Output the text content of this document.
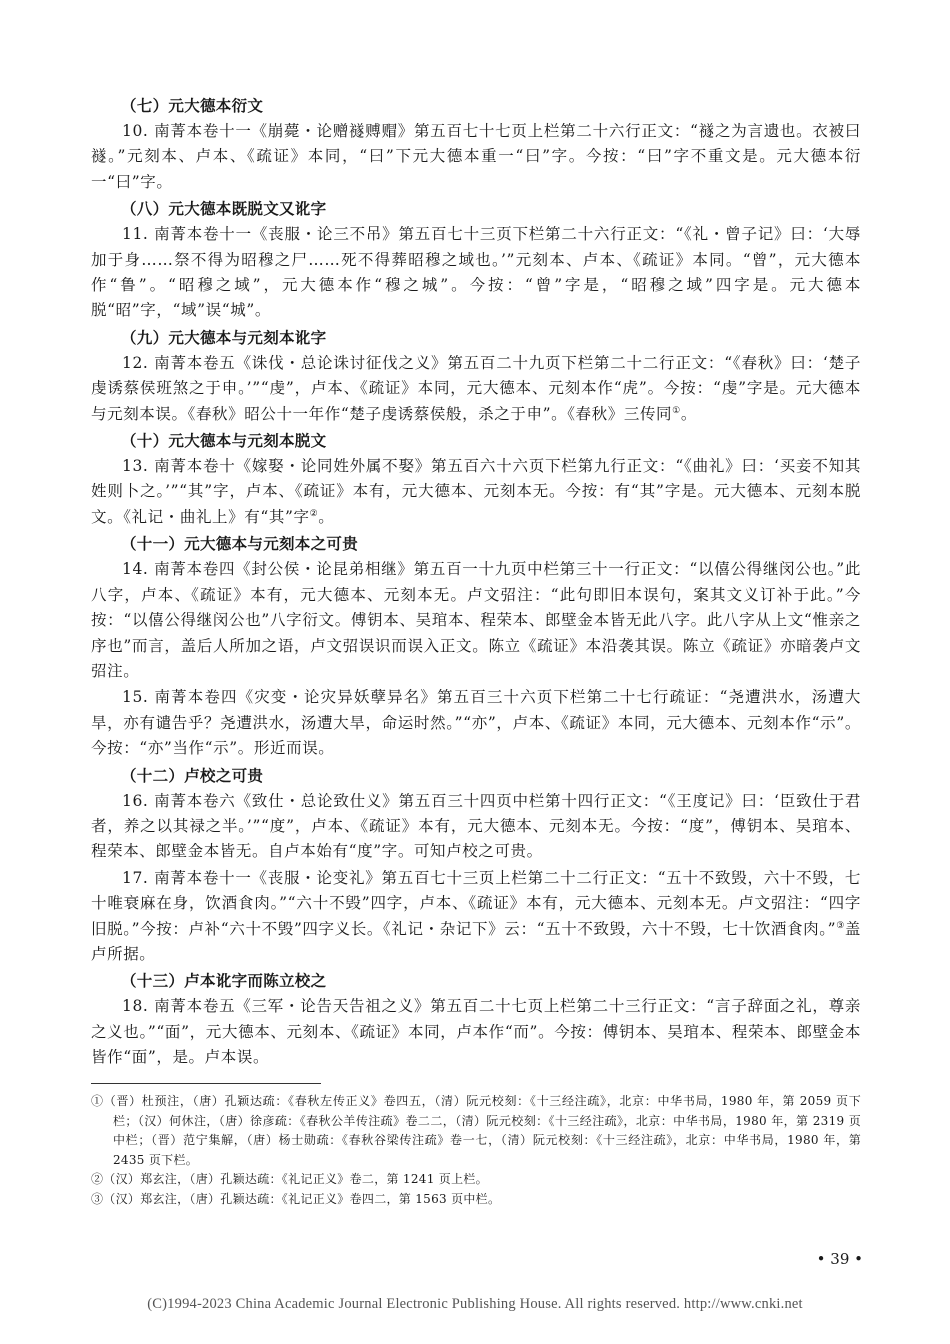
（七）元大德本衍文

10. 南菁本卷十一《崩薨・论赠襚赙赗》第五百七十七页上栏第二十六行正文：“襚之为言遗也。衣被曰襚。”元刻本、卢本、《疏证》本同，“曰”下元大德本重一“曰”字。今按：“曰”字不重文是。元大德本衍一“曰”字。

（八）元大德本既脱文又讹字

11. 南菁本卷十一《丧服・论三不吊》第五百七十三页下栏第二十六行正文：“《礼・曾子记》曰：‘大辱加于身……祭不得为昭穆之尸……死不得葬昭穆之域也。’”元刻本、卢本、《疏证》本同。“曾”，元大德本作“鲁”。“昭穆之域”，元大德本作“穆之城”。今按：“曾”字是，“昭穆之域”四字是。元大德本脱“昭”字，“域”误“城”。

（九）元大德本与元刻本讹字

12. 南菁本卷五《诛伐・总论诛讨征伐之义》第五百二十九页下栏第二十二行正文：“《春秋》曰：‘楚子虔诱蔡侯班煞之于申。’”“虔”，卢本、《疏证》本同，元大德本、元刻本作“虎”。今按：“虔”字是。元大德本与元刻本误。《春秋》昭公十一年作“楚子虔诱蔡侯般，杀之于申”。《春秋》三传同①。

（十）元大德本与元刻本脱文

13. 南菁本卷十《嫁娶・论同姓外属不娶》第五百六十六页下栏第九行正文：“《曲礼》曰：‘买妾不知其姓则卜之。’”“其”字，卢本、《疏证》本有，元大德本、元刻本无。今按：有“其”字是。元大德本、元刻本脱文。《礼记・曲礼上》有“其”字②。

（十一）元大德本与元刻本之可贵

14. 南菁本卷四《封公侯・论昆弟相继》第五百一十九页中栏第三十一行正文：“以僖公得继闵公也。”此八字，卢本、《疏证》本有，元大德本、元刻本无。卢文弨注：“此句即旧本误句，案其文义订补于此。”今按：“以僖公得继闵公也”八字衍文。傅钥本、吴琯本、程荣本、郎壁金本皆无此八字。此八字从上文“惟亲之序也”而言，盖后人所加之语，卢文弨误识而误入正文。陈立《疏证》本沿袭其误。陈立《疏证》亦暗袭卢文弨注。

15. 南菁本卷四《灾变・论灾异妖孽异名》第五百三十六页下栏第二十七行疏证：“尧遭洪水，汤遭大旱，亦有谴告乎？尧遭洪水，汤遭大旱，命运时然。”“亦”，卢本、《疏证》本同，元大德本、元刻本作“示”。今按：“亦”当作“示”。形近而误。

（十二）卢校之可贵

16. 南菁本卷六《致仕・总论致仕义》第五百三十四页中栏第十四行正文：“《王度记》曰：‘臣致仕于君者，养之以其禄之半。’”“度”，卢本、《疏证》本有，元大德本、元刻本无。今按：“度”，傅钥本、吴琯本、程荣本、郎壁金本皆无。自卢本始有“度”字。可知卢校之可贵。

17. 南菁本卷十一《丧服・论变礼》第五百七十三页上栏第二十二行正文：“五十不致毁，六十不毁，七十唯衰麻在身，饮酒食肉。”“六十不毁”四字，卢本、《疏证》本有，元大德本、元刻本无。卢文弨注：“四字旧脱。”今按：卢补“六十不毁”四字义长。《礼记・杂记下》云：“五十不致毁，六十不毁，七十饮酒食肉。”③盖卢所据。

（十三）卢本讹字而陈立校之

18. 南菁本卷五《三军・论告天告祖之义》第五百二十七页上栏第二十三行正文：“言子辞面之礼，尊亲之义也。”“面”，元大德本、元刻本、《疏证》本同，卢本作“而”。今按：傅钥本、吴琯本、程荣本、郎壁金本皆作“面”，是。卢本误。

①（晋）杜预注，（唐）孔颖达疏：《春秋左传正义》卷四五，（清）阮元校刻：《十三经注疏》，北京：中华书局，1980 年，第 2059 页下栏；（汉）何休注，（唐）徐彦疏：《春秋公羊传注疏》卷二二，（清）阮元校刻：《十三经注疏》，北京：中华书局，1980 年，第 2319 页中栏；（晋）范宁集解，（唐）杨士勋疏：《春秋谷梁传注疏》卷一七，（清）阮元校刻：《十三经注疏》，北京：中华书局，1980 年，第 2435 页下栏。

②（汉）郑玄注，（唐）孔颖达疏：《礼记正义》卷二，第 1241 页上栏。

③（汉）郑玄注，（唐）孔颖达疏：《礼记正义》卷四二，第 1563 页中栏。

• 39 •
(C)1994-2023 China Academic Journal Electronic Publishing House. All rights reserved. http://www.cnki.net
